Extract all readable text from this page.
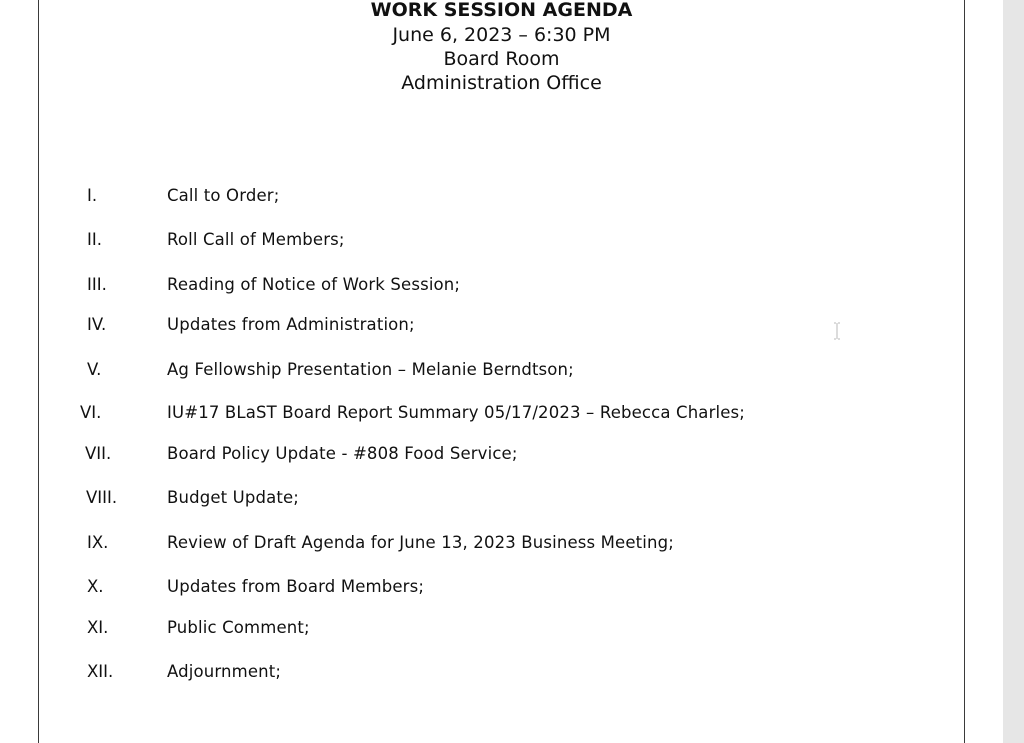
WORK SESSION AGENDA
June 6, 2023 – 6:30 PM
Board Room
Administration Office
I.	Call to Order;
II.	Roll Call of Members;
III.	Reading of Notice of Work Session;
IV.	Updates from Administration;
V.	Ag Fellowship Presentation – Melanie Berndtson;
VI.	IU#17 BLaST Board Report Summary 05/17/2023 – Rebecca Charles;
VII.	Board Policy Update - #808 Food Service;
VIII.	Budget Update;
IX.	Review of Draft Agenda for June 13, 2023 Business Meeting;
X.	Updates from Board Members;
XI.	Public Comment;
XII.	Adjournment;
